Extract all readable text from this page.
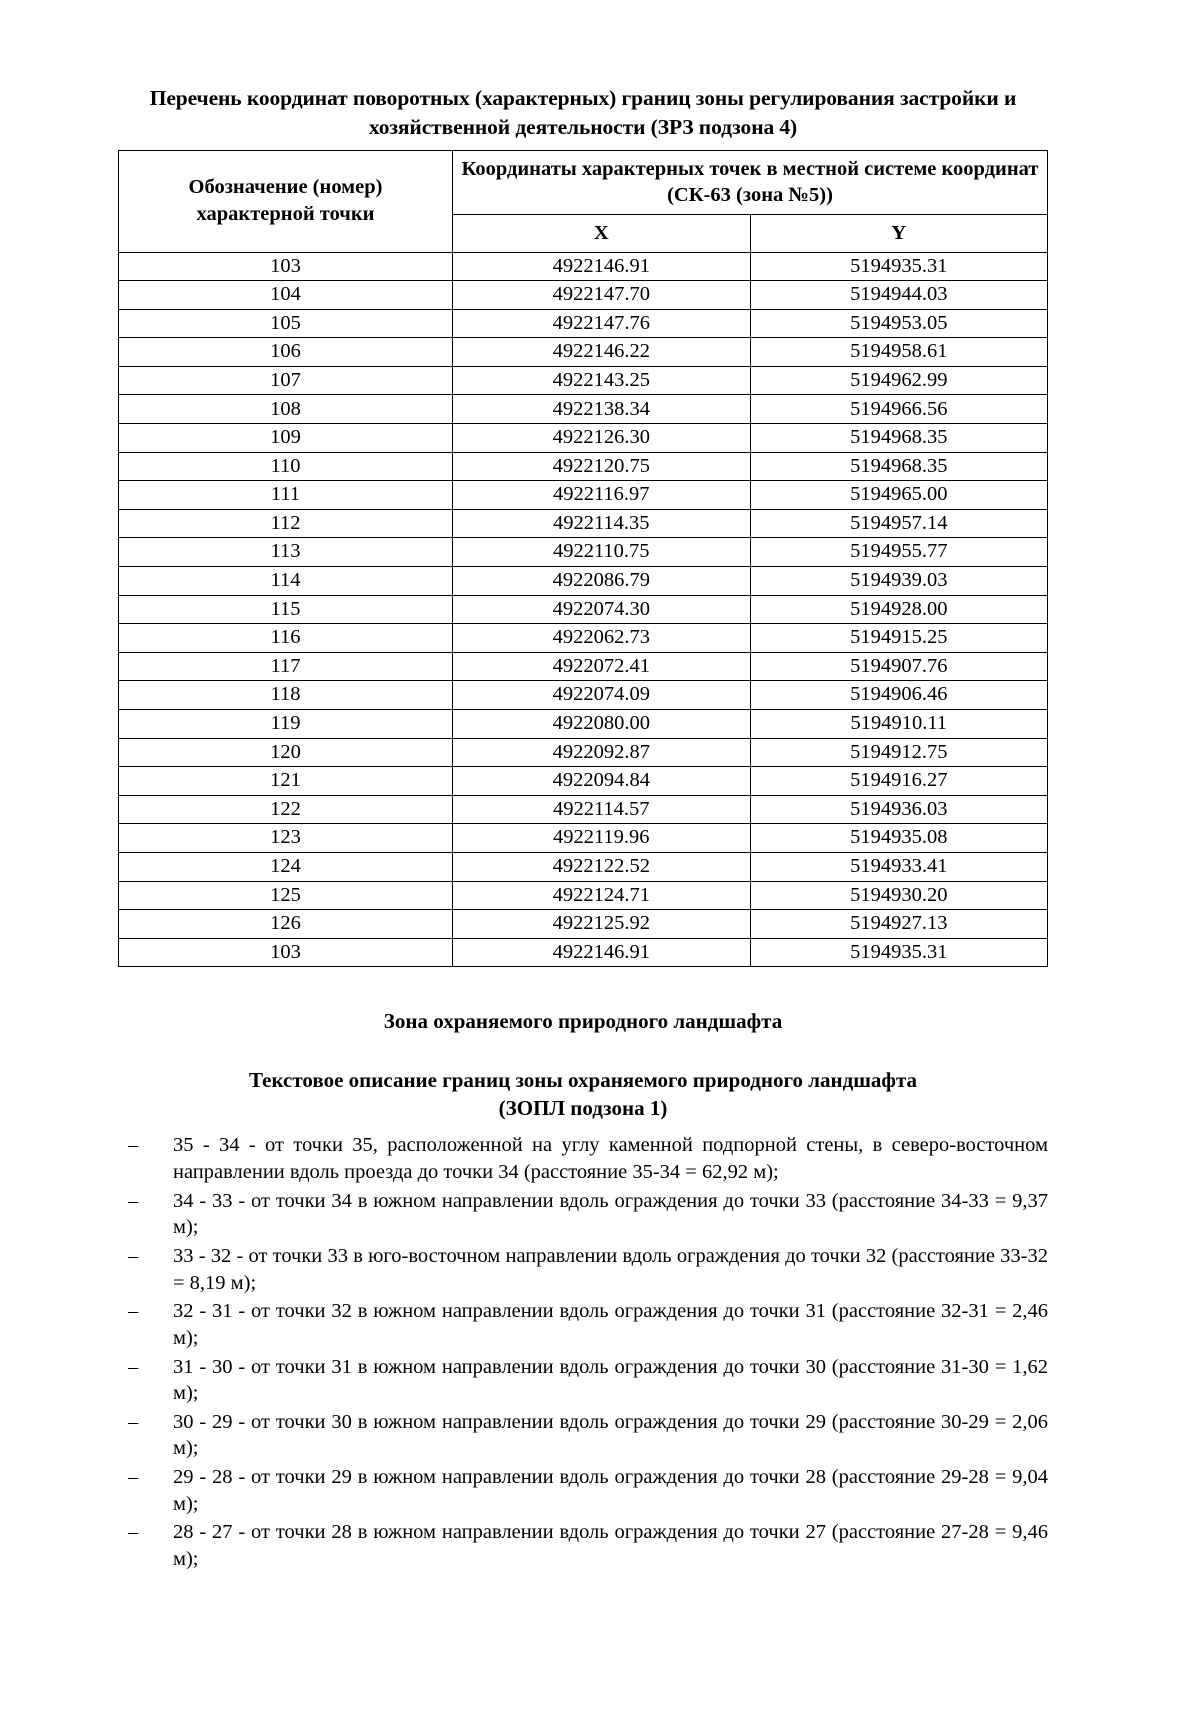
Перечень координат поворотных (характерных) границ зоны регулирования застройки и хозяйственной деятельности (ЗРЗ подзона 4)
Обозначение (номер) характерной точки	Координаты характерных точек в местной системе координат (СК-63 (зона №5))	
	X	Y
103	4922146.91	5194935.31
104	4922147.70	5194944.03
105	4922147.76	5194953.05
106	4922146.22	5194958.61
107	4922143.25	5194962.99
108	4922138.34	5194966.56
109	4922126.30	5194968.35
110	4922120.75	5194968.35
111	4922116.97	5194965.00
112	4922114.35	5194957.14
113	4922110.75	5194955.77
114	4922086.79	5194939.03
115	4922074.30	5194928.00
116	4922062.73	5194915.25
117	4922072.41	5194907.76
118	4922074.09	5194906.46
119	4922080.00	5194910.11
120	4922092.87	5194912.75
121	4922094.84	5194916.27
122	4922114.57	5194936.03
123	4922119.96	5194935.08
124	4922122.52	5194933.41
125	4922124.71	5194930.20
126	4922125.92	5194927.13
103	4922146.91	5194935.31
Зона охраняемого природного ландшафта
Текстовое описание границ зоны охраняемого природного ландшафта
(ЗОПЛ подзона 1)
– 35 - 34 - от точки 35, расположенной на углу каменной подпорной стены, в северо-восточном направлении вдоль проезда до точки 34 (расстояние 35-34 = 62,92 м);
– 34 - 33 - от точки 34 в южном направлении вдоль ограждения до точки 33 (расстояние 34-33 = 9,37 м);
– 33 - 32 - от точки 33 в юго-восточном направлении вдоль ограждения до точки 32 (расстояние 33-32 = 8,19 м);
– 32 - 31 - от точки 32 в южном направлении вдоль ограждения до точки 31 (расстояние 32-31 = 2,46 м);
– 31 - 30 - от точки 31 в южном направлении вдоль ограждения до точки 30 (расстояние 31-30 = 1,62 м);
– 30 - 29 - от точки 30 в южном направлении вдоль ограждения до точки 29 (расстояние 30-29 = 2,06 м);
– 29 - 28 - от точки 29 в южном направлении вдоль ограждения до точки 28 (расстояние 29-28 = 9,04 м);
– 28 - 27 - от точки 28 в южном направлении вдоль ограждения до точки 27 (расстояние 27-28 = 9,46 м);
